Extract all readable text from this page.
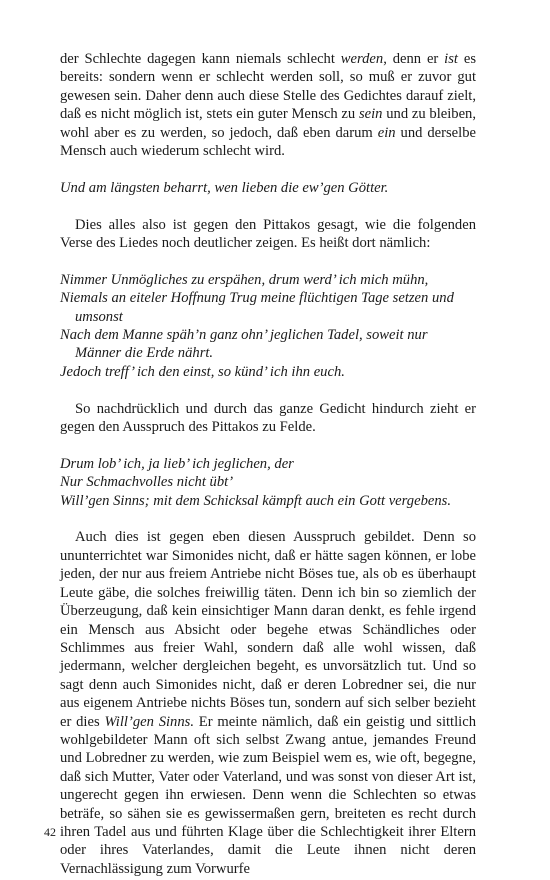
der Schlechte dagegen kann niemals schlecht werden, denn er ist es bereits: sondern wenn er schlecht werden soll, so muß er zuvor gut gewesen sein. Daher denn auch diese Stelle des Gedichtes darauf zielt, daß es nicht möglich ist, stets ein guter Mensch zu sein und zu bleiben, wohl aber es zu werden, so jedoch, daß eben darum ein und derselbe Mensch auch wiederum schlecht wird.

Und am längsten beharrt, wen lieben die ew’gen Götter.

Dies alles also ist gegen den Pittakos gesagt, wie die folgenden Verse des Liedes noch deutlicher zeigen. Es heißt dort nämlich:

Nimmer Unmögliches zu erspähen, drum werd’ ich mich mühn,
Niemals an eiteler Hoffnung Trug meine flüchtigen Tage setzen und umsonst
Nach dem Manne späh’n ganz ohn’ jeglichen Tadel, soweit nur Männer die Erde nährt.
Jedoch treff’ ich den einst, so künd’ ich ihn euch.

So nachdrücklich und durch das ganze Gedicht hindurch zieht er gegen den Ausspruch des Pittakos zu Felde.

Drum lob’ ich, ja lieb’ ich jeglichen, der
Nur Schmachvolles nicht übt’
Will’gen Sinns; mit dem Schicksal kämpft auch ein Gott vergebens.

Auch dies ist gegen eben diesen Ausspruch gebildet. Denn so ununterrichtet war Simonides nicht, daß er hätte sagen können, er lobe jeden, der nur aus freiem Antriebe nicht Böses tue, als ob es überhaupt Leute gäbe, die solches freiwillig täten. Denn ich bin so ziemlich der Überzeugung, daß kein einsichtiger Mann daran denkt, es fehle irgend ein Mensch aus Absicht oder begehe etwas Schändliches oder Schlimmes aus freier Wahl, sondern daß alle wohl wissen, daß jedermann, welcher dergleichen begeht, es unvorsätzlich tut. Und so sagt denn auch Simonides nicht, daß er deren Lobredner sei, die nur aus eigenem Antriebe nichts Böses tun, sondern auf sich selber bezieht er dies Will’gen Sinns. Er meinte nämlich, daß ein geistig und sittlich wohlgebildeter Mann oft sich selbst Zwang antue, jemandes Freund und Lobredner zu werden, wie zum Beispiel wem es, wie oft, begegne, daß sich Mutter, Vater oder Vaterland, und was sonst von dieser Art ist, ungerecht gegen ihn erwiesen. Denn wenn die Schlechten so etwas beträfe, so sähen sie es gewissermaßen gern, breiteten es recht durch ihren Tadel aus und führten Klage über die Schlechtigkeit ihrer Eltern oder ihres Vaterlandes, damit die Leute ihnen nicht deren Vernachlässigung zum Vorwurfe

42
